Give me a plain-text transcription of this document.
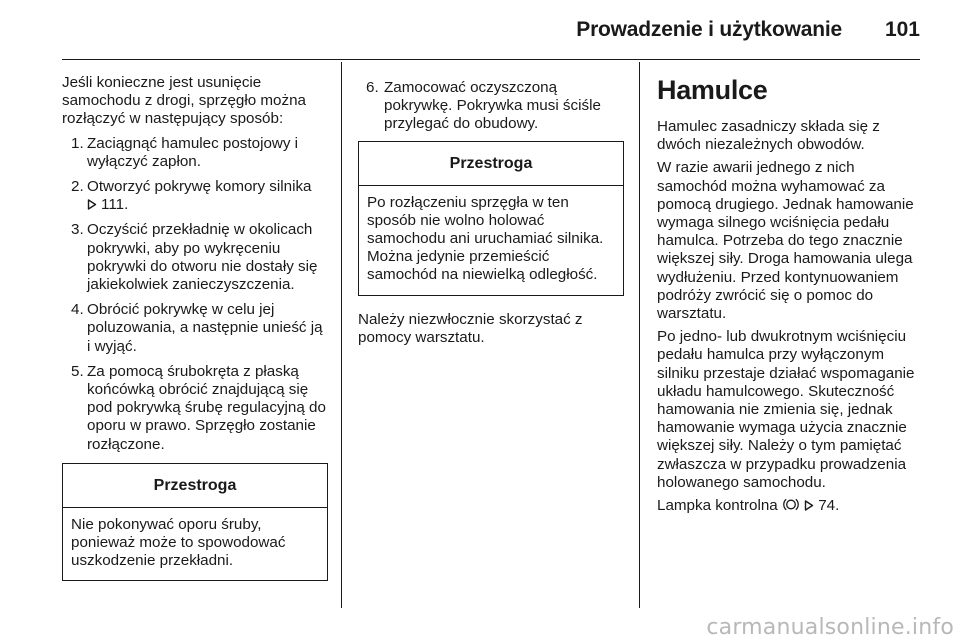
Prowadzenie i użytkowanie 101

Jeśli konieczne jest usunięcie samochodu z drogi, sprzęgło można rozłączyć w następujący sposób:

1. Zaciągnąć hamulec postojowy i wyłączyć zapłon.
2. Otworzyć pokrywę komory silnika

111.
3. Oczyścić przekładnię w okolicach pokrywki, aby po wykręceniu pokrywki do otworu nie dostały się jakiekolwiek zanieczyszczenia.
4. Obrócić pokrywkę w celu jej poluzowania, a następnie unieść ją i wyjąć.
5. Za pomocą śrubokręta z płaską końcówką obrócić znajdującą się pod pokrywką śrubę regulacyjną do oporu w prawo. Sprzęgło zostanie rozłączone.
Przestroga
Nie pokonywać oporu śruby, ponieważ może to spowodować uszkodzenie przekładni.
6. Zamocować oczyszczoną pokrywkę. Pokrywka musi ściśle przylegać do obudowy.
Przestroga
Po rozłączeniu sprzęgła w ten sposób nie wolno holować samochodu ani uruchamiać silnika. Można jedynie przemieścić samochód na niewielką odległość.

Należy niezwłocznie skorzystać z pomocy warsztatu.

Hamulce

Hamulec zasadniczy składa się z dwóch niezależnych obwodów.

W razie awarii jednego z nich samochód można wyhamować za pomocą drugiego. Jednak hamowanie wymaga silnego wciśnięcia pedału hamulca. Potrzeba do tego znacznie większej siły. Droga hamowania ulega wydłużeniu. Przed kontynuowaniem podróży zwrócić się o pomoc do warsztatu.

Po jedno- lub dwukrotnym wciśnięciu pedału hamulca przy wyłączonym silniku przestaje działać wspomaganie układu hamulcowego. Skuteczność hamowania nie zmienia się, jednak hamowanie wymaga użycia znacznie większej siły. Należy o tym pamiętać zwłaszcza w przypadku prowadzenia holowanego samochodu.

Lampka kontrolna	74.

carmanualsonline.info
